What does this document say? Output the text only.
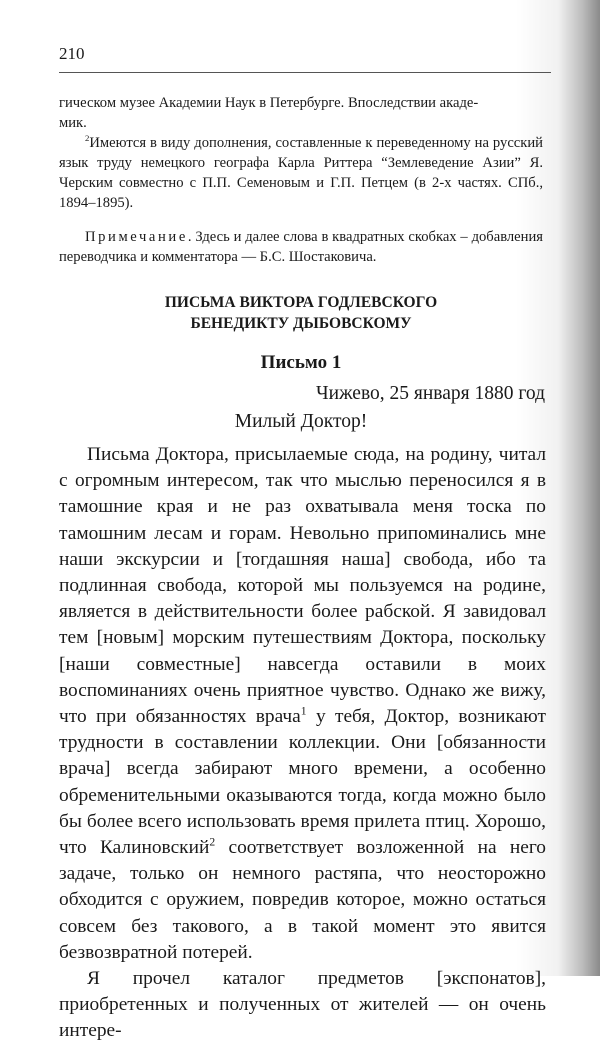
210

гическом музее Академии Наук в Петербурге. Впоследствии акаде-
мик.

$^2$Имеются в виду дополнения, составленные к переведенному на русский язык труду немецкого географа Карла Риттера “Землеведение Азии” Я. Черским совместно с П.П. Семеновым и Г.П. Петцем (в 2-х частях. СПб., 1894–1895).

Примечание. Здесь и далее слова в квадратных скобках – добавления переводчика и комментатора — Б.С. Шостаковича.

ПИСЬМА ВИКТОРА ГОДЛЕВСКОГО
БЕНЕДИКТУ ДЫБОВСКОМУ
Письмо 1
Чижево, 25 января 1880 год
Милый Доктор!

Письма Доктора, присылаемые сюда, на родину, читал с огромным интересом, так что мыслью переносился я в тамошние края и не раз охватывала меня тоска по тамошним лесам и горам. Невольно припоминались мне наши экскурсии и [тогдашняя наша] свобода, ибо та подлинная свобода, которой мы пользуемся на родине, является в действительности более рабской. Я завидовал тем [новым] морским путешествиям Доктора, поскольку [наши совместные] навсегда оставили в моих воспоминаниях очень приятное чувство. Однако же вижу, что при обязанностях врача$^1$ у тебя, Доктор, возникают трудности в составлении коллекции. Они [обязанности врача] всегда забирают много времени, а особенно обременительными оказываются тогда, когда можно было бы более всего использовать время прилета птиц. Хорошо, что Калиновский$^2$ соответствует возложенной на него задаче, только он немного растяпа, что неосторожно обходится с оружием, повредив которое, можно остаться совсем без такового, а в такой момент это явится безвозвратной потерей.

Я прочел каталог предметов [экспонатов], приобретенных и полученных от жителей — он очень интере-
